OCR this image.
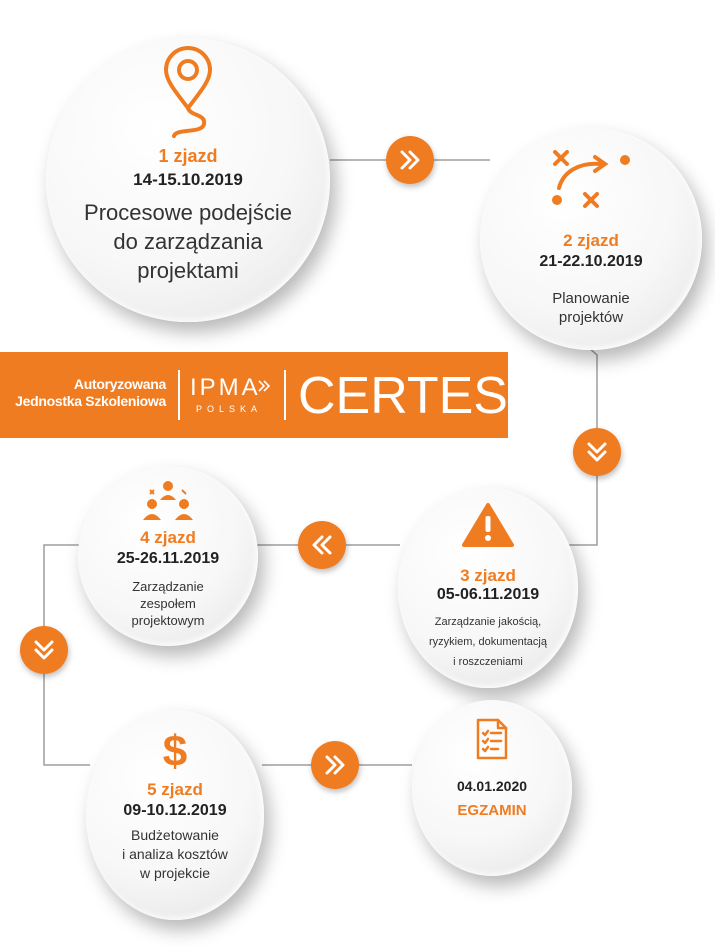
1 zjazd
14-15.10.2019
Procesowe podejście
do zarządzania
projektami
2 zjazd
21-22.10.2019
Planowanie
projektów
3 zjazd
05-06.11.2019
Zarządzanie jakością,
ryzykiem, dokumentacją
i roszczeniami
4 zjazd
25-26.11.2019
Zarządzanie
zespołem
projektowym
$
5 zjazd
09-10.12.2019
Budżetowanie
i analiza kosztów
w projekcie
04.01.2020
EGZAMIN
Autoryzowana
Jednostka Szkoleniowa IPMA
POLSKA CERTES.
